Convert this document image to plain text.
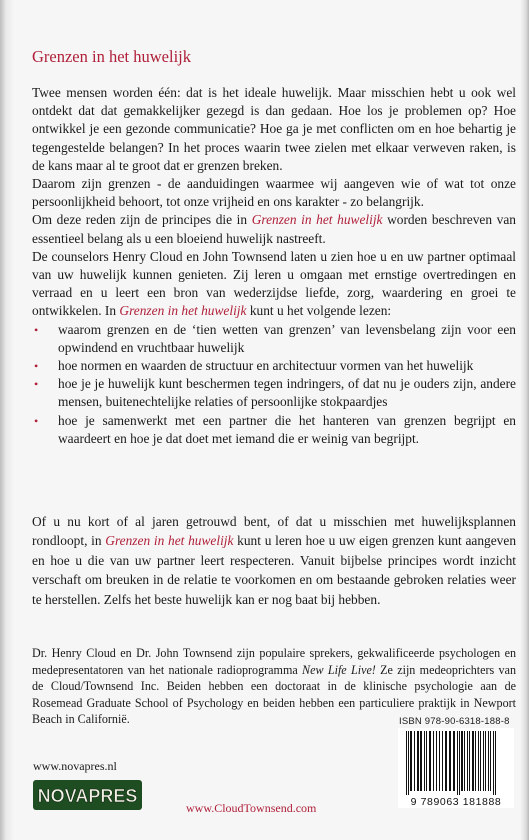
Grenzen in het huwelijk

Twee mensen worden één: dat is het ideale huwelijk. Maar misschien hebt u ook wel ontdekt dat dat gemakkelijker gezegd is dan gedaan. Hoe los je problemen op? Hoe ontwikkel je een gezonde communicatie? Hoe ga je met conflicten om en hoe behartig je tegengestelde belangen? In het proces waarin twee zielen met elkaar verweven raken, is de kans maar al te groot dat er grenzen breken.

Daarom zijn grenzen - de aanduidingen waarmee wij aangeven wie of wat tot onze persoonlijkheid behoort, tot onze vrijheid en ons karakter - zo belangrijk.

Om deze reden zijn de principes die in Grenzen in het huwelijk worden beschreven van essentieel belang als u een bloeiend huwelijk nastreeft.

De counselors Henry Cloud en John Townsend laten u zien hoe u en uw partner optimaal van uw huwelijk kunnen genieten. Zij leren u omgaan met ernstige overtredingen en verraad en u leert een bron van wederzijdse liefde, zorg, waardering en groei te ontwikkelen. In Grenzen in het huwelijk kunt u het volgende lezen:

• waarom grenzen en de ‘tien wetten van grenzen’ van levensbelang zijn voor een opwindend en vruchtbaar huwelijk
• hoe normen en waarden de structuur en architectuur vormen van het huwelijk
• hoe je je huwelijk kunt beschermen tegen indringers, of dat nu je ouders zijn, andere mensen, buitenechtelijke relaties of persoonlijke stokpaardjes
• hoe je samenwerkt met een partner die het hanteren van grenzen begrijpt en waardeert en hoe je dat doet met iemand die er weinig van begrijpt.

Of u nu kort of al jaren getrouwd bent, of dat u misschien met huwelijksplannen rondloopt, in Grenzen in het huwelijk kunt u leren hoe u uw eigen grenzen kunt aangeven en hoe u die van uw partner leert respecteren. Vanuit bijbelse principes wordt inzicht verschaft om breuken in de relatie te voorkomen en om bestaande gebroken relaties weer te herstellen. Zelfs het beste huwelijk kan er nog baat bij hebben.

Dr. Henry Cloud en Dr. John Townsend zijn populaire sprekers, gekwalificeerde psychologen en medepresentatoren van het nationale radioprogramma New Life Live! Ze zijn medeoprichters van de Cloud/Townsend Inc. Beiden hebben een doctoraat in de klinische psychologie aan de Rosemead Graduate School of Psychology en beiden hebben een particuliere praktijk in Newport Beach in Californië.	ISBN 978-90-6318-188-8
9 789063 181888
www.novapres.nl
NOVAPRES
www.CloudTownsend.com
